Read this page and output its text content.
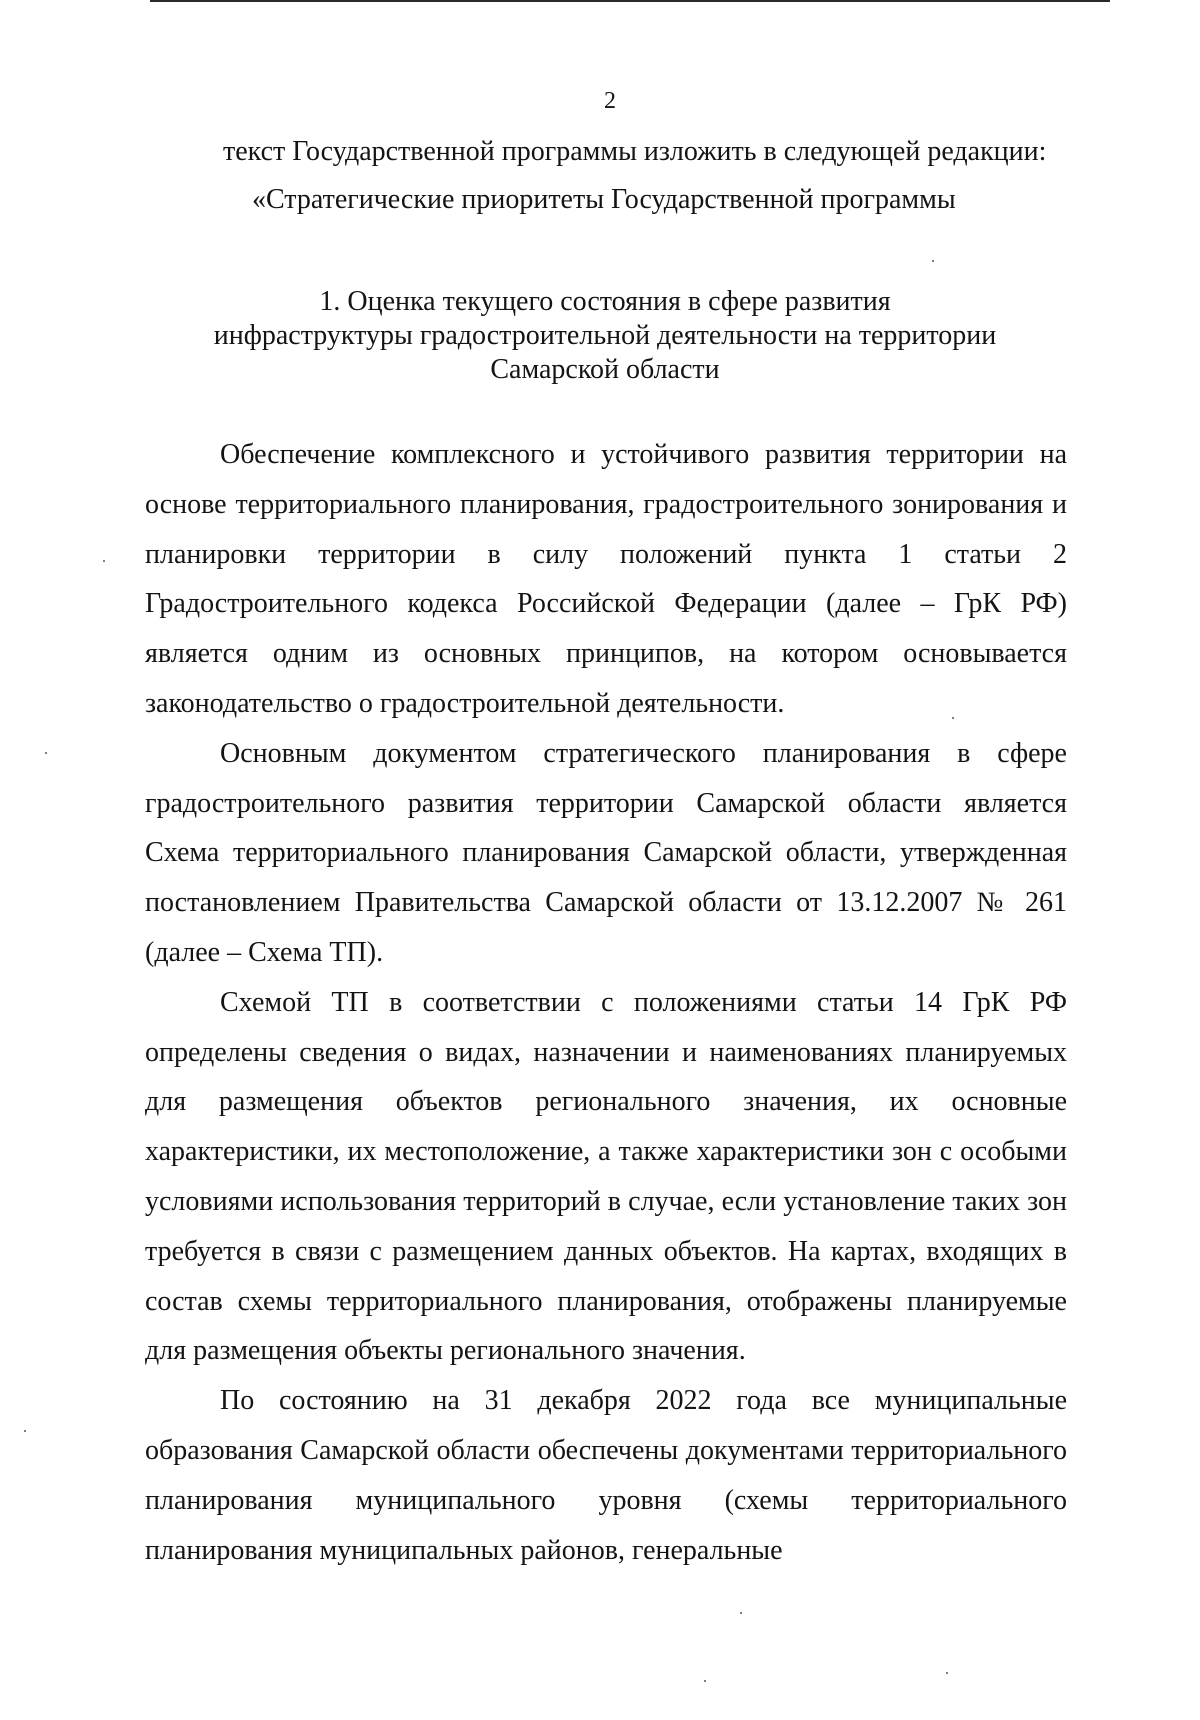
2
текст Государственной программы изложить в следующей редакции:
«Стратегические приоритеты Государственной программы
1. Оценка текущего состояния в сфере развития
инфраструктуры градостроительной деятельности на территории
Самарской области

Обеспечение комплексного и устойчивого развития территории на основе территориального планирования, градостроительного зонирования и планировки территории в силу положений пункта 1 статьи 2 Градостроительного кодекса Российской Федерации (далее – ГрК РФ) является одним из основных принципов, на котором основывается законодательство о градостроительной деятельности.

Основным документом стратегического планирования в сфере градостроительного развития территории Самарской области является Схема территориального планирования Самарской области, утвержденная постановлением Правительства Самарской области от 13.12.2007 № 261 (далее – Схема ТП).

Схемой ТП в соответствии с положениями статьи 14 ГрК РФ определены сведения о видах, назначении и наименованиях планируемых для размещения объектов регионального значения, их основные характеристики, их местоположение, а также характеристики зон с особыми условиями использования территорий в случае, если установление таких зон требуется в связи с размещением данных объектов. На картах, входящих в состав схемы территориального планирования, отображены планируемые для размещения объекты регионального значения.

По состоянию на 31 декабря 2022 года все муниципальные образования Самарской области обеспечены документами территориального планирования муниципального уровня (схемы территориального планирования муниципальных районов, генеральные
